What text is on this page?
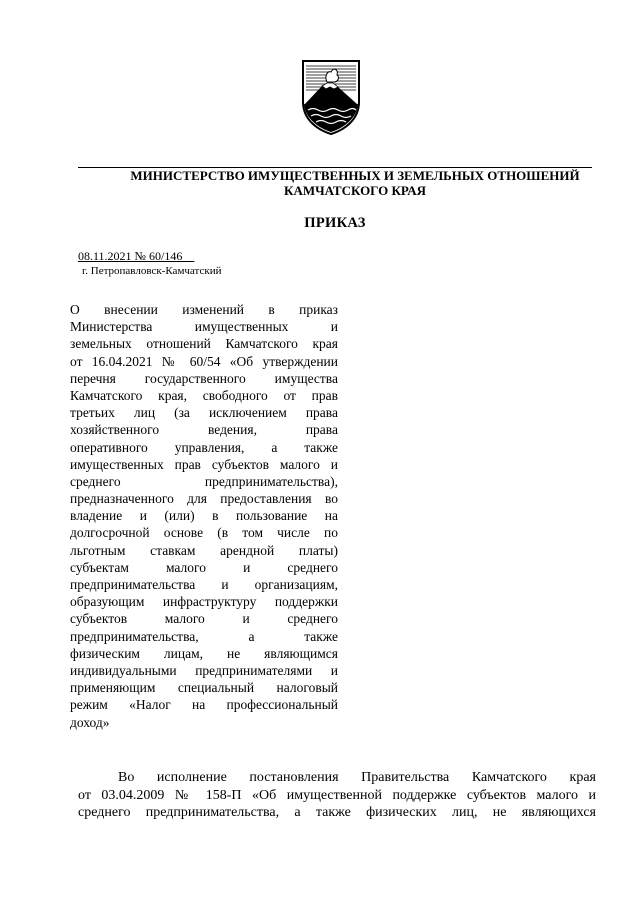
МИНИСТЕРСТВО ИМУЩЕСТВЕННЫХ И ЗЕМЕЛЬНЫХ ОТНОШЕНИЙ
КАМЧАТСКОГО КРАЯ
ПРИКАЗ
08.11.2021 № 60/146
г. Петропавловск-Камчатский
О внесении изменений в приказ
Министерства имущественных и
земельных отношений Камчатского края
от 16.04.2021 № 60/54 «Об утверждении
перечня государственного имущества
Камчатского края, свободного от прав
третьих лиц (за исключением права
хозяйственного ведения, права
оперативного управления, а также
имущественных прав субъектов малого и
среднего предпринимательства),
предназначенного для предоставления во
владение и (или) в пользование на
долгосрочной основе (в том числе по
льготным ставкам арендной платы)
субъектам малого и среднего
предпринимательства и организациям,
образующим инфраструктуру поддержки
субъектов малого и среднего
предпринимательства, а также
физическим лицам, не являющимся
индивидуальными предпринимателями и
применяющим специальный налоговый
режим «Налог на профессиональный
доход»
Во исполнение постановления Правительства Камчатского края
от 03.04.2009 № 158-П «Об имущественной поддержке субъектов малого и
среднего предпринимательства, а также физических лиц, не являющихся
